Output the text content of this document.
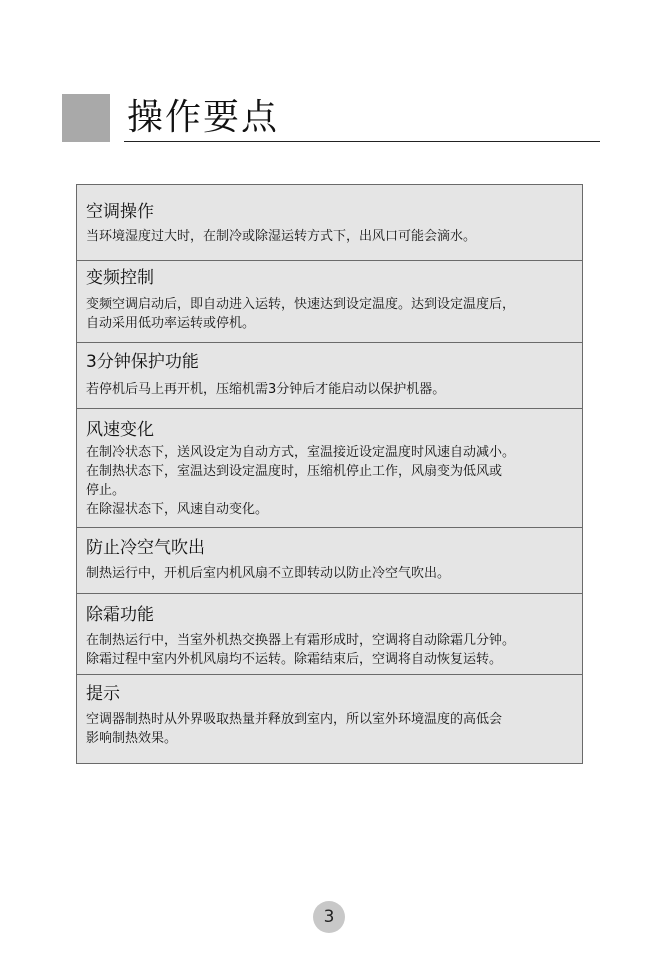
操作要点
空调操作
当环境湿度过大时，在制冷或除湿运转方式下，出风口可能会滴水。
变频控制
变频空调启动后，即自动进入运转，快速达到设定温度。达到设定温度后，
自动采用低功率运转或停机。
3分钟保护功能
若停机后马上再开机，压缩机需3分钟后才能启动以保护机器。
风速变化
在制冷状态下，送风设定为自动方式，室温接近设定温度时风速自动减小。
在制热状态下，室温达到设定温度时，压缩机停止工作，风扇变为低风或
停止。
在除湿状态下，风速自动变化。
防止冷空气吹出
制热运行中，开机后室内机风扇不立即转动以防止冷空气吹出。
除霜功能
在制热运行中，当室外机热交换器上有霜形成时，空调将自动除霜几分钟。
除霜过程中室内外机风扇均不运转。除霜结束后，空调将自动恢复运转。
提示
空调器制热时从外界吸取热量并释放到室内，所以室外环境温度的高低会
影响制热效果。
3
